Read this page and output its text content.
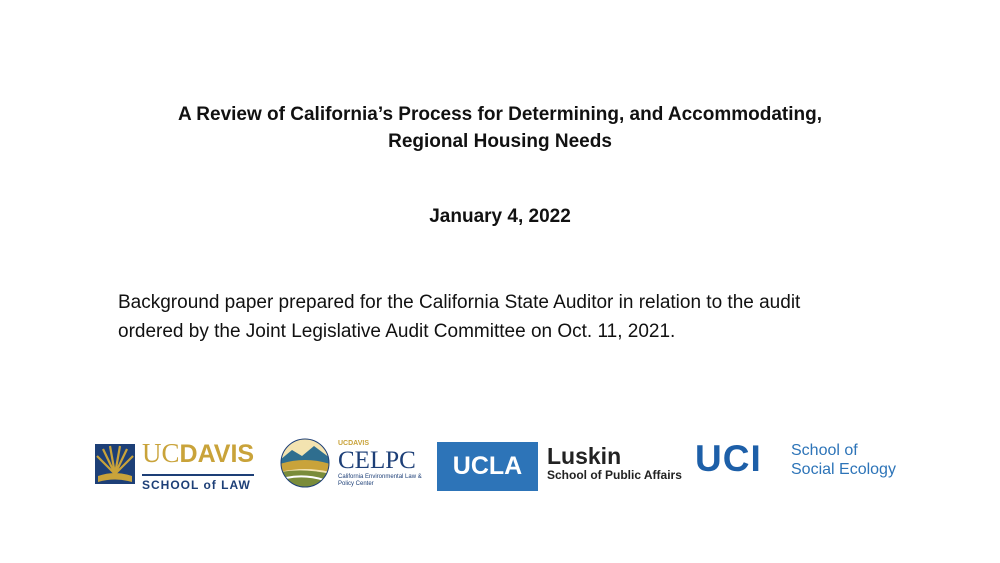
A Review of California’s Process for Determining, and Accommodating,
Regional Housing Needs
January 4, 2022
Background paper prepared for the California State Auditor in relation to the audit
ordered by the Joint Legislative Audit Committee on Oct. 11, 2021.
UCDAVIS
SCHOOL of LAW
UCDAVIS
CELPC
California Environmental Law & Policy Center
UCLA	Luskin
School of Public Affairs UCI School of
Social Ecology
